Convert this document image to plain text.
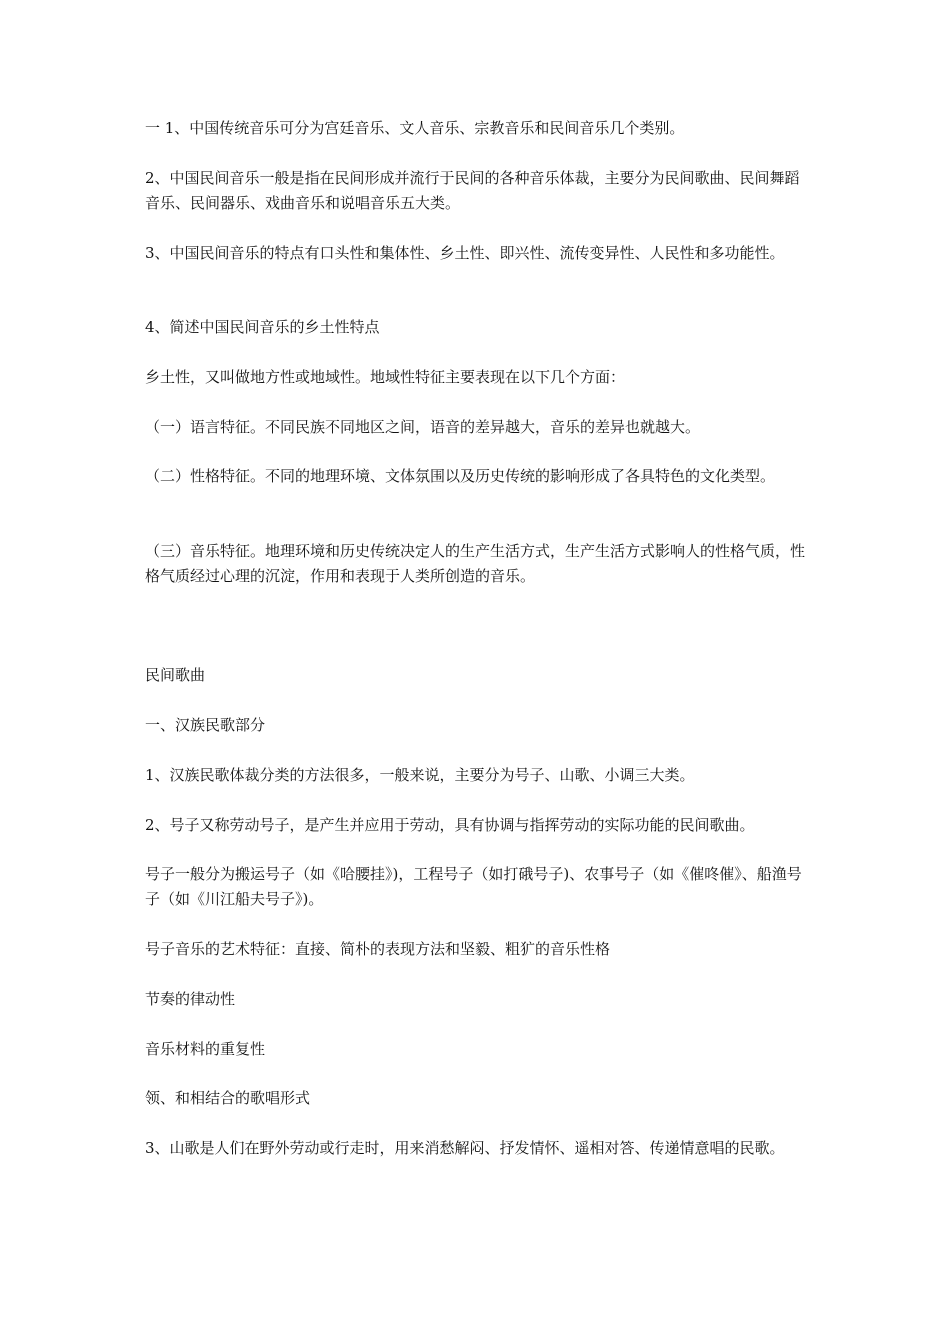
一 1、中国传统音乐可分为宫廷音乐、文人音乐、宗教音乐和民间音乐几个类别。

2、中国民间音乐一般是指在民间形成并流行于民间的各种音乐体裁，主要分为民间歌曲、民间舞蹈音乐、民间器乐、戏曲音乐和说唱音乐五大类。

3、中国民间音乐的特点有口头性和集体性、乡土性、即兴性、流传变异性、人民性和多功能性。

4、简述中国民间音乐的乡土性特点

乡土性，又叫做地方性或地域性。地域性特征主要表现在以下几个方面：

（一）语言特征。不同民族不同地区之间，语音的差异越大，音乐的差异也就越大。

（二）性格特征。不同的地理环境、文体氛围以及历史传统的影响形成了各具特色的文化类型。

（三）音乐特征。地理环境和历史传统决定人的生产生活方式，生产生活方式影响人的性格气质，性格气质经过心理的沉淀，作用和表现于人类所创造的音乐。

民间歌曲

一、汉族民歌部分

1、汉族民歌体裁分类的方法很多，一般来说，主要分为号子、山歌、小调三大类。

2、号子又称劳动号子，是产生并应用于劳动，具有协调与指挥劳动的实际功能的民间歌曲。

号子一般分为搬运号子（如《哈腰挂》)，工程号子（如打硪号子)、农事号子（如《催咚催》、船渔号子（如《川江船夫号子》)。

号子音乐的艺术特征：直接、简朴的表现方法和坚毅、粗犷的音乐性格

节奏的律动性

音乐材料的重复性

领、和相结合的歌唱形式

3、山歌是人们在野外劳动或行走时，用来消愁解闷、抒发情怀、遥相对答、传递情意唱的民歌。
